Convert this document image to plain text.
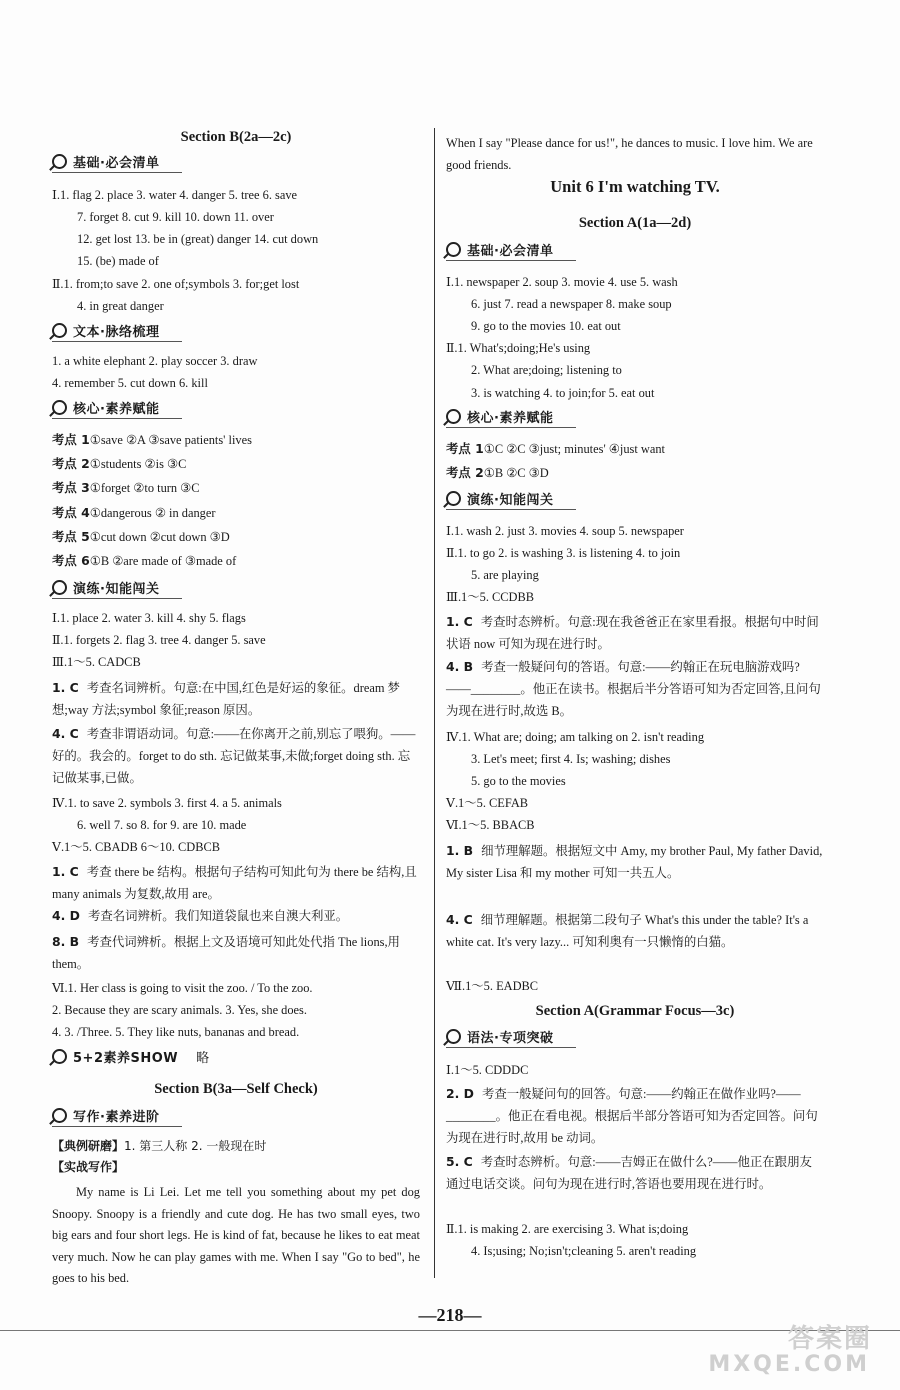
Section B(2a—2c)
基础·必会清单
Ⅰ.1. flag 2. place 3. water 4. danger 5. tree 6. save
7. forget 8. cut 9. kill 10. down 11. over
12. get lost 13. be in (great) danger 14. cut down
15. (be) made of
Ⅱ.1. from;to save 2. one of;symbols 3. for;get lost
4. in great danger
文本·脉络梳理
1. a white elephant 2. play soccer 3. draw
4. remember 5. cut down 6. kill
核心·素养赋能
考点 1①save ②A ③save patients' lives
考点 2①students ②is ③C
考点 3①forget ②to turn ③C
考点 4①dangerous ② in danger
考点 5①cut down ②cut down ③D
考点 6①B ②are made of ③made of
演练·知能闯关
Ⅰ.1. place 2. water 3. kill 4. shy 5. flags
Ⅱ.1. forgets 2. flag 3. tree 4. danger 5. save
Ⅲ.1～5. CADCB
1. C 考查名词辨析。句意:在中国,红色是好运的象征。dream 梦想;way 方法;symbol 象征;reason 原因。
4. C 考查非谓语动词。句意:——在你离开之前,别忘了喂狗。——好的。我会的。forget to do sth. 忘记做某事,未做;forget doing sth. 忘记做某事,已做。
Ⅳ.1. to save 2. symbols 3. first 4. a 5. animals
6. well 7. so 8. for 9. are 10. made
Ⅴ.1～5. CBADB 6～10. CDBCB
1. C 考查 there be 结构。根据句子结构可知此句为 there be 结构,且 many animals 为复数,故用 are。
4. D 考查名词辨析。我们知道袋鼠也来自澳大利亚。
8. B 考查代词辨析。根据上文及语境可知此处代指 The lions,用 them。
Ⅵ.1. Her class is going to visit the zoo. / To the zoo.
2. Because they are scary animals. 3. Yes, she does.
4. 3. /Three. 5. They like nuts, bananas and bread.
5+2素养SHOW 略
Section B(3a—Self Check)
写作·素养进阶
【典例研磨】1. 第三人称 2. 一般现在时
【实战写作】
My name is Li Lei. Let me tell you something about my pet dog Snoopy. Snoopy is a friendly and cute dog. He has two small eyes, two big ears and four short legs. He is kind of fat, because he likes to eat meat very much. Now he can play games with me. When I say "Go to bed", he goes to his bed.
When I say "Please dance for us!", he dances to music. I love him. We are good friends.
Unit 6 I'm watching TV.
Section A(1a—2d)
基础·必会清单
Ⅰ.1. newspaper 2. soup 3. movie 4. use 5. wash
6. just 7. read a newspaper 8. make soup
9. go to the movies 10. eat out
Ⅱ.1. What's;doing;He's using
2. What are;doing; listening to
3. is watching 4. to join;for 5. eat out
核心·素养赋能
考点 1①C ②C ③just; minutes' ④just want
考点 2①B ②C ③D
演练·知能闯关
Ⅰ.1. wash 2. just 3. movies 4. soup 5. newspaper
Ⅱ.1. to go 2. is washing 3. is listening 4. to join
5. are playing
Ⅲ.1～5. CCDBB
1. C 考查时态辨析。句意:现在我爸爸正在家里看报。根据句中时间状语 now 可知为现在进行时。
4. B 考查一般疑问句的答语。句意:——约翰正在玩电脑游戏吗?——________。他正在读书。根据后半分答语可知为否定回答,且问句为现在进行时,故选 B。
Ⅳ.1. What are; doing; am talking on 2. isn't reading
3. Let's meet; first 4. Is; washing; dishes
5. go to the movies
Ⅴ.1～5. CEFAB
Ⅵ.1～5. BBACB
1. B 细节理解题。根据短文中 Amy, my brother Paul, My father David, My sister Lisa 和 my mother 可知一共五人。
4. C 细节理解题。根据第二段句子 What's this under the table? It's a white cat. It's very lazy... 可知利奥有一只懒惰的白猫。
Ⅶ.1～5. EADBC
Section A(Grammar Focus—3c)
语法·专项突破
Ⅰ.1～5. CDDDC
2. D 考查一般疑问句的回答。句意:——约翰正在做作业吗?——________。他正在看电视。根据后半部分答语可知为否定回答。问句为现在进行时,故用 be 动词。
5. C 考查时态辨析。句意:——吉姆正在做什么?——他正在跟朋友通过电话交谈。问句为现在进行时,答语也要用现在进行时。
Ⅱ.1. is making 2. are exercising 3. What is;doing
4. Is;using; No;isn't;cleaning 5. aren't reading
— 218 —
答案圈
MXQE.COM
